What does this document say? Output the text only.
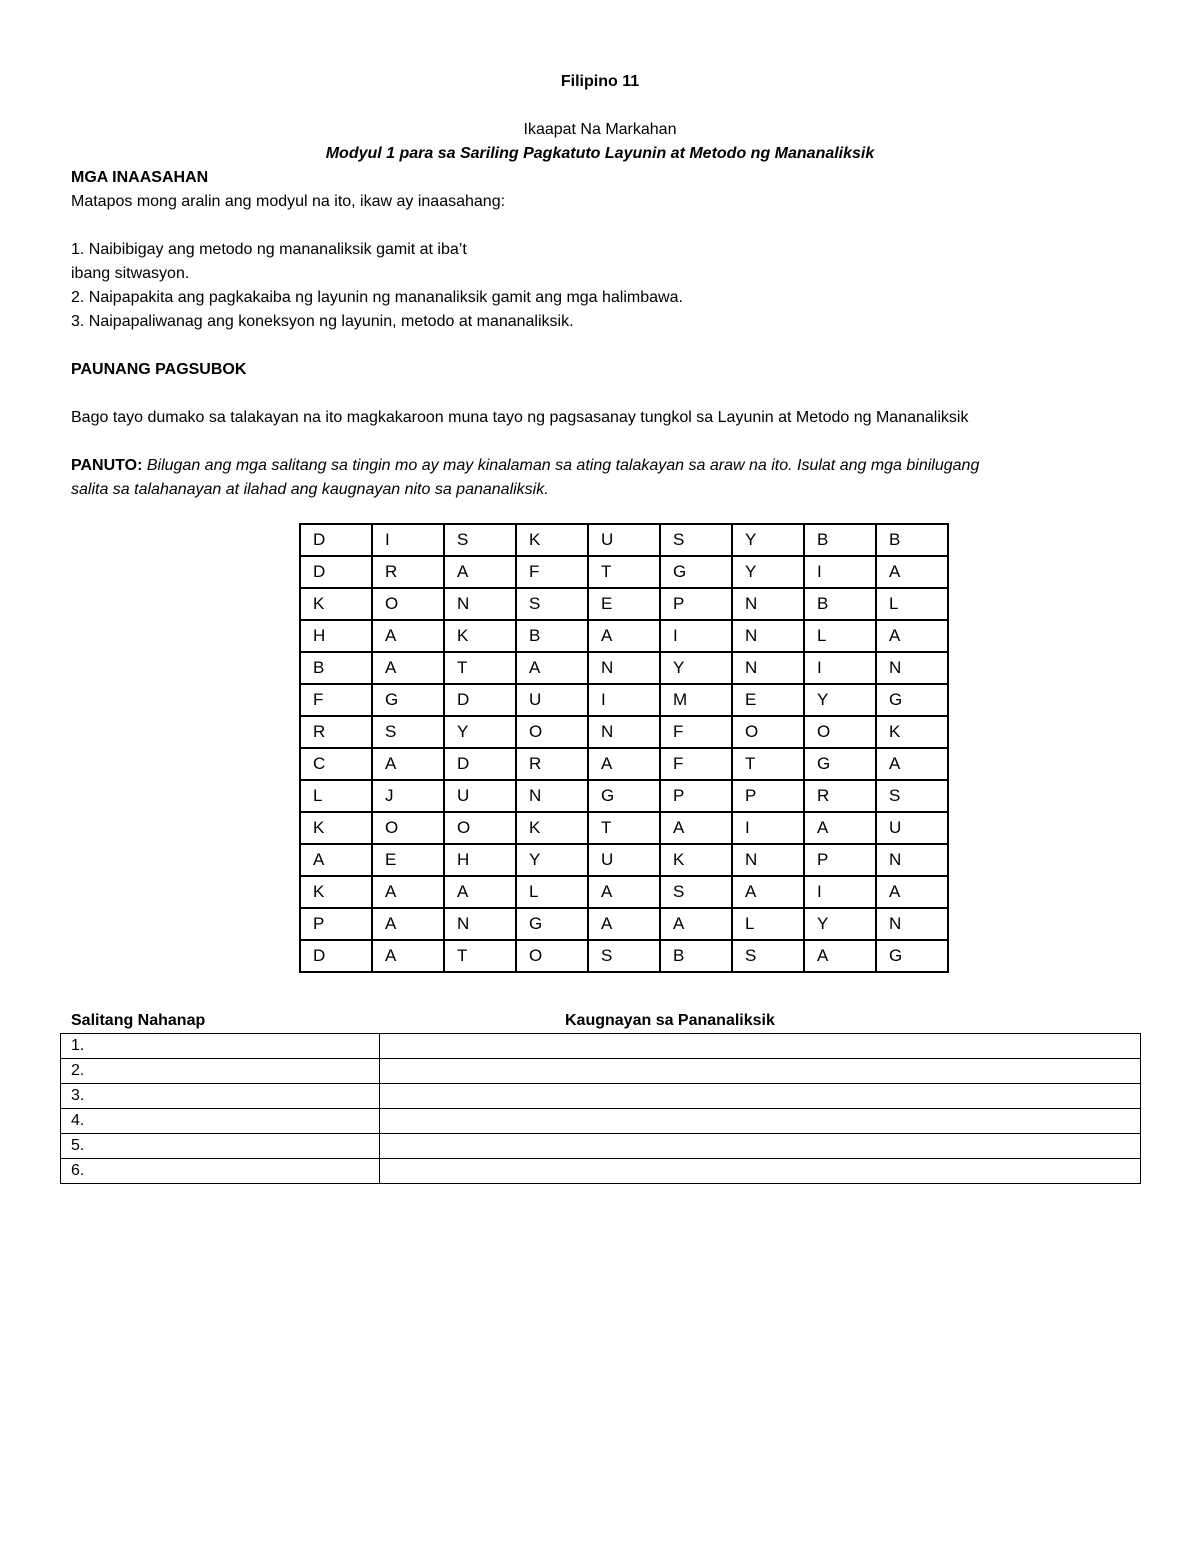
Filipino 11
Ikaapat Na Markahan
Modyul 1 para sa Sariling Pagkatuto Layunin at Metodo ng Mananaliksik
MGA INAASAHAN
Matapos mong aralin ang modyul na ito, ikaw ay inaasahang:
1. Naibibigay ang metodo ng mananaliksik gamit at iba’t
ibang sitwasyon.
2. Naipapakita ang pagkakaiba ng layunin ng mananaliksik gamit ang mga halimbawa.
3. Naipapaliwanag ang koneksyon ng layunin, metodo at mananaliksik.
PAUNANG PAGSUBOK
Bago tayo dumako sa talakayan na ito magkakaroon muna tayo ng pagsasanay tungkol sa Layunin at Metodo ng Mananaliksik
PANUTO: Bilugan ang mga salitang sa tingin mo ay may kinalaman sa ating talakayan sa araw na ito. Isulat ang mga binilugang
salita sa talahanayan at ilahad ang kaugnayan nito sa pananaliksik.
D	I	S	K	U	S	Y	B	B
D	R	A	F	T	G	Y	I	A
K	O	N	S	E	P	N	B	L
H	A	K	B	A	I	N	L	A
B	A	T	A	N	Y	N	I	N
F	G	D	U	I	M	E	Y	G
R	S	Y	O	N	F	O	O	K
C	A	D	R	A	F	T	G	A
L	J	U	N	G	P	P	R	S
K	O	O	K	T	A	I	A	U
A	E	H	Y	U	K	N	P	N
K	A	A	L	A	S	A	I	A
P	A	N	G	A	A	L	Y	N
D	A	T	O	S	B	S	A	G
Salitang Nahanap	Kaugnayan sa Pananaliksik
1.	
2.	
3.	
4.	
5.	
6.	
